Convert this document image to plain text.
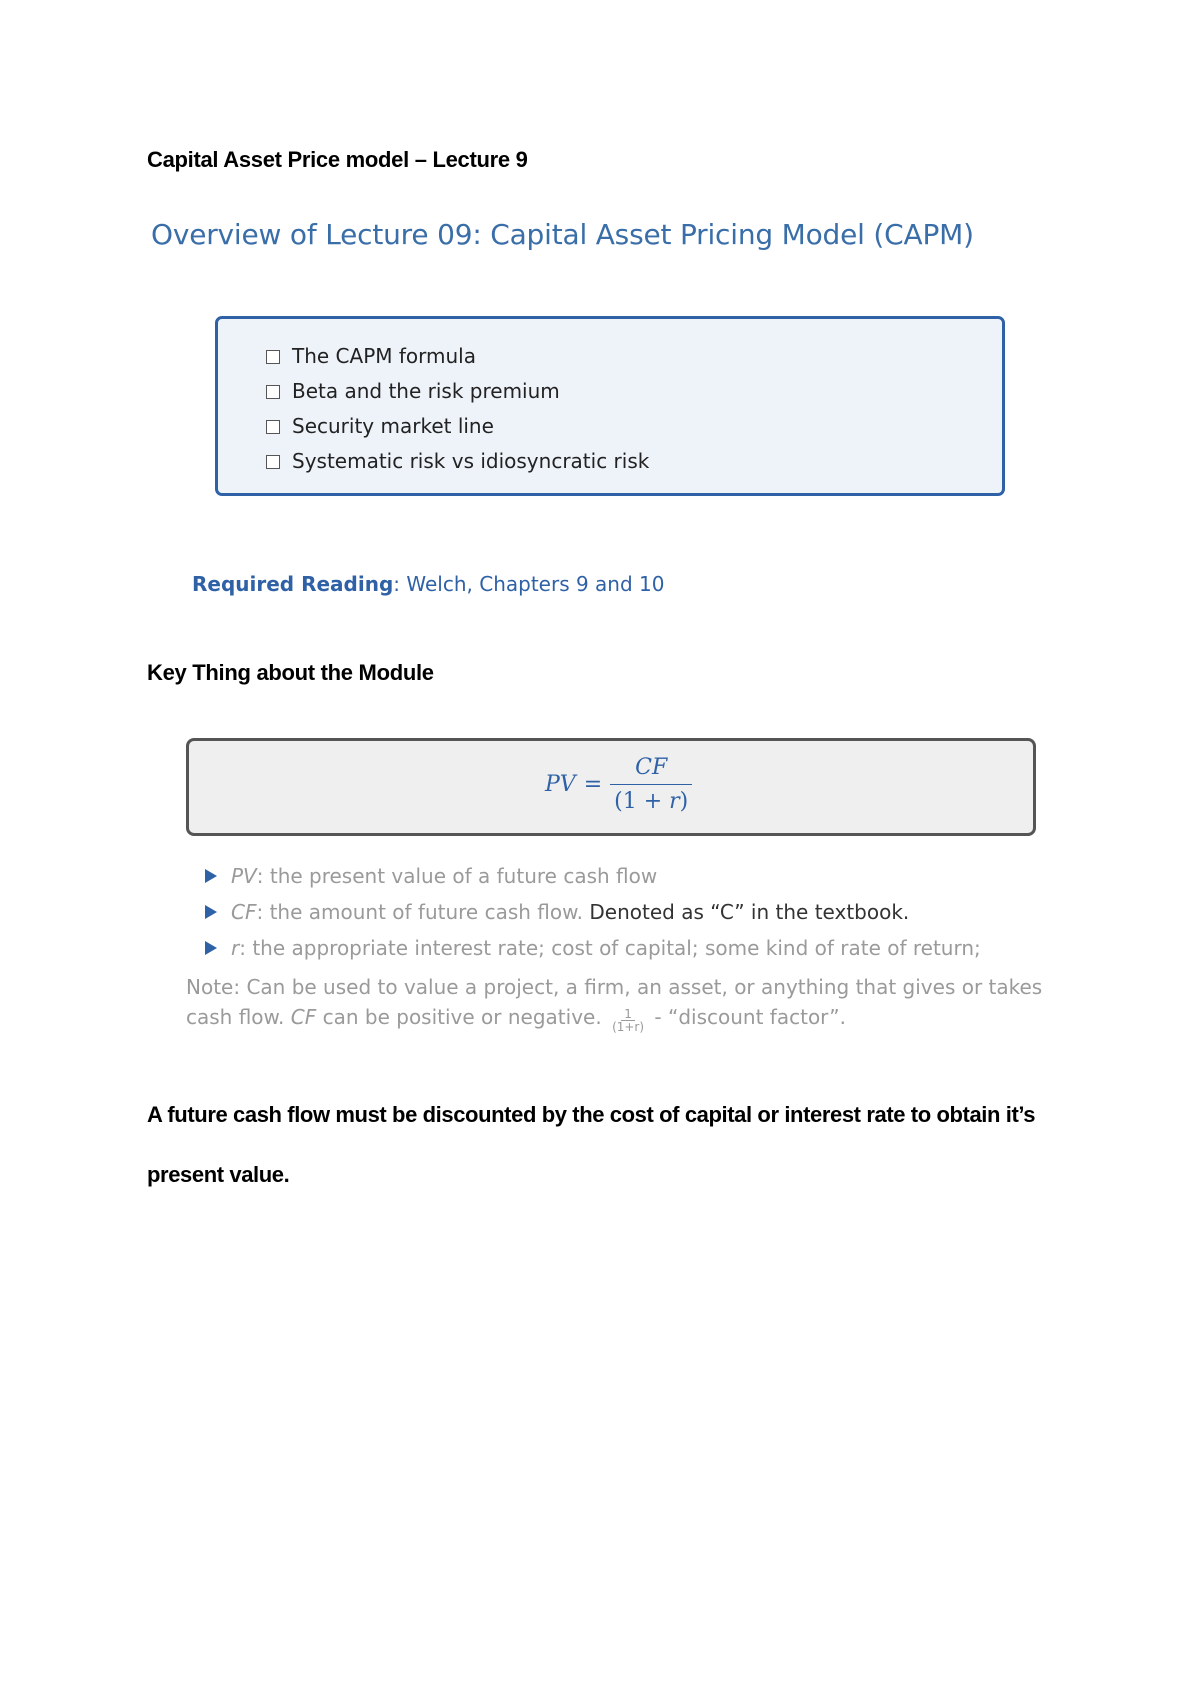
Capital Asset Price model – Lecture 9
Overview of Lecture 09: Capital Asset Pricing Model (CAPM)
The CAPM formula
Beta and the risk premium
Security market line
Systematic risk vs idiosyncratic risk
Required Reading: Welch, Chapters 9 and 10
Key Thing about the Module
PV = $\frac{CF}{(1 + r)}$
PV: the present value of a future cash flow
CF: the amount of future cash flow. Denoted as “C” in the textbook.
r: the appropriate interest rate; cost of capital; some kind of rate of return;
Note: Can be used to value a project, a firm, an asset, or anything that gives or takes cash flow. CF can be positive or negative. $\frac{1}{(1+r)}$ - “discount factor”.
A future cash flow must be discounted by the cost of capital or interest rate to obtain it’s present value.
